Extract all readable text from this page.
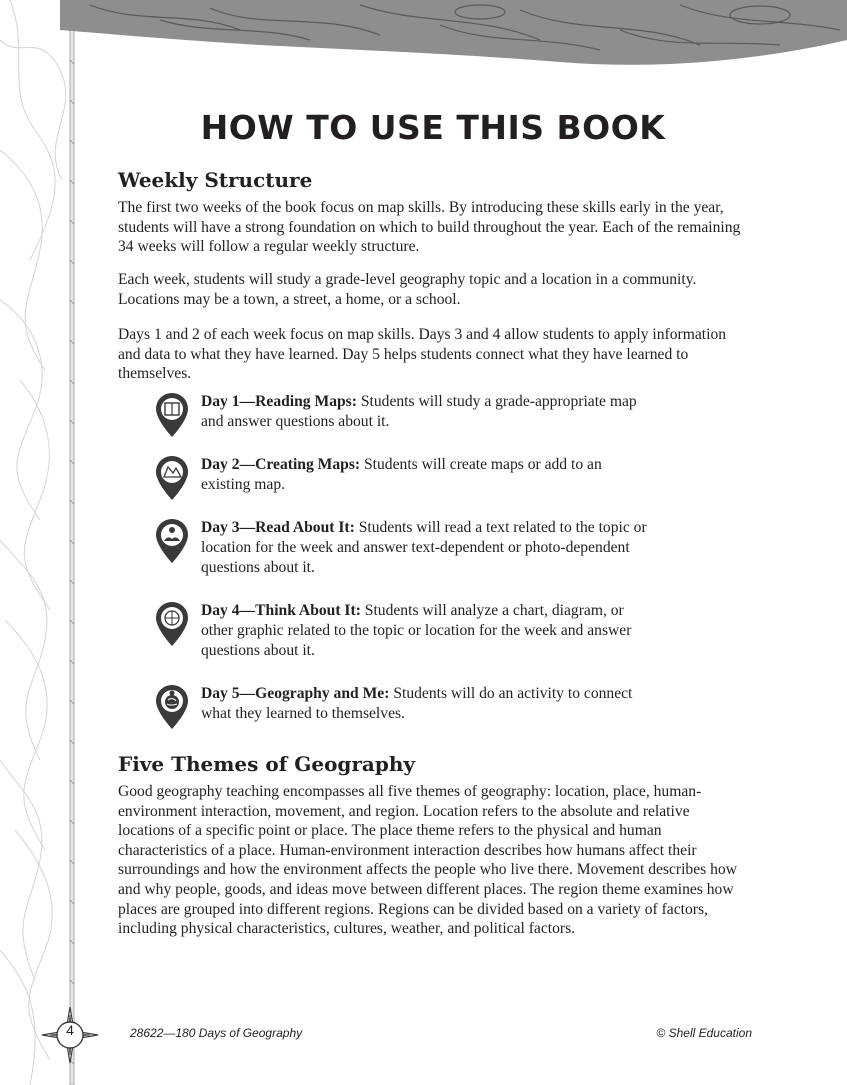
HOW TO USE THIS BOOK
Weekly Structure

The first two weeks of the book focus on map skills. By introducing these skills early in the year, students will have a strong foundation on which to build throughout the year. Each of the remaining 34 weeks will follow a regular weekly structure.

Each week, students will study a grade-level geography topic and a location in a community. Locations may be a town, a street, a home, or a school.

Days 1 and 2 of each week focus on map skills. Days 3 and 4 allow students to apply information and data to what they have learned. Day 5 helps students connect what they have learned to themselves.

Day 1—Reading Maps: Students will study a grade-appropriate map and answer questions about it.

Day 2—Creating Maps: Students will create maps or add to an existing map.

Day 3—Read About It: Students will read a text related to the topic or location for the week and answer text-dependent or photo-dependent questions about it.

Day 4—Think About It: Students will analyze a chart, diagram, or other graphic related to the topic or location for the week and answer questions about it.

Day 5—Geography and Me: Students will do an activity to connect what they learned to themselves.

Five Themes of Geography

Good geography teaching encompasses all five themes of geography: location, place, human-environment interaction, movement, and region. Location refers to the absolute and relative locations of a specific point or place. The place theme refers to the physical and human characteristics of a place. Human-environment interaction describes how humans affect their surroundings and how the environment affects the people who live there. Movement describes how and why people, goods, and ideas move between different places. The region theme examines how places are grouped into different regions. Regions can be divided based on a variety of factors, including physical characteristics, cultures, weather, and political factors.

4	28622—180 Days of Geography	© Shell Education
